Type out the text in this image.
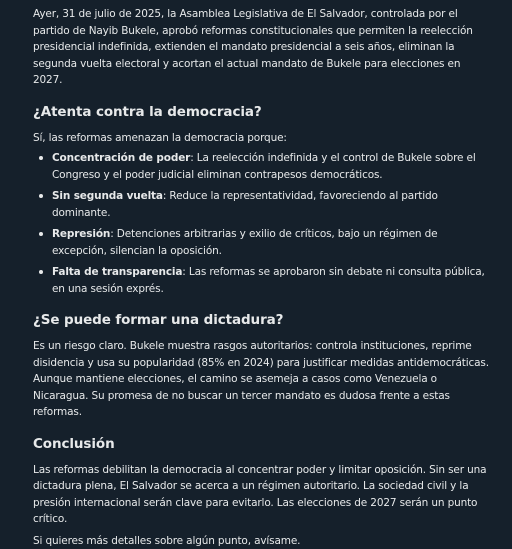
Ayer, 31 de julio de 2025, la Asamblea Legislativa de El Salvador, controlada por el partido de Nayib Bukele, aprobó reformas constitucionales que permiten la reelección presidencial indefinida, extienden el mandato presidencial a seis años, eliminan la segunda vuelta electoral y acortan el actual mandato de Bukele para elecciones en 2027.

¿Atenta contra la democracia?

Sí, las reformas amenazan la democracia porque:

Concentración de poder: La reelección indefinida y el control de Bukele sobre el Congreso y el poder judicial eliminan contrapesos democráticos.
Sin segunda vuelta: Reduce la representatividad, favoreciendo al partido dominante.
Represión: Detenciones arbitrarias y exilio de críticos, bajo un régimen de excepción, silencian la oposición.
Falta de transparencia: Las reformas se aprobaron sin debate ni consulta pública, en una sesión exprés.
¿Se puede formar una dictadura?

Es un riesgo claro. Bukele muestra rasgos autoritarios: controla instituciones, reprime disidencia y usa su popularidad (85% en 2024) para justificar medidas antidemocráticas. Aunque mantiene elecciones, el camino se asemeja a casos como Venezuela o Nicaragua. Su promesa de no buscar un tercer mandato es dudosa frente a estas reformas.

Conclusión

Las reformas debilitan la democracia al concentrar poder y limitar oposición. Sin ser una dictadura plena, El Salvador se acerca a un régimen autoritario. La sociedad civil y la presión internacional serán clave para evitarlo. Las elecciones de 2027 serán un punto crítico.

Si quieres más detalles sobre algún punto, avísame.
